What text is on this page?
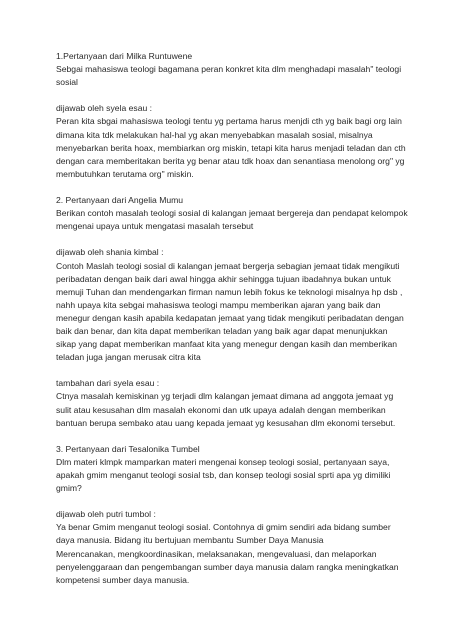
1.Pertanyaan dari Milka Runtuwene

Sebgai mahasiswa teologi bagamana peran konkret kita dlm menghadapi masalah" teologi

sosial

dijawab oleh syela esau :

Peran kita sbgai mahasiswa teologi tentu yg pertama harus menjdi cth yg baik bagi org lain

dimana kita tdk melakukan hal-hal yg akan menyebabkan masalah sosial, misalnya

menyebarkan berita hoax, membiarkan org miskin, tetapi kita harus menjadi teladan dan cth

dengan cara memberitakan berita yg benar atau tdk hoax dan senantiasa menolong org" yg

membutuhkan terutama org" miskin.

2. Pertanyaan dari Angelia Mumu

Berikan contoh masalah teologi sosial di kalangan jemaat bergereja dan pendapat kelompok

mengenai upaya untuk mengatasi masalah tersebut

dijawab oleh shania kimbal :

Contoh Maslah teologi sosial di kalangan jemaat bergerja sebagian jemaat tidak mengikuti

peribadatan dengan baik dari awal hingga akhir sehingga tujuan ibadahnya bukan untuk

memuji Tuhan dan mendengarkan firman namun lebih fokus ke teknologi misalnya hp dsb ,

nahh upaya kita sebgai mahasiswa teologi mampu memberikan ajaran yang baik dan

menegur dengan kasih apabila kedapatan jemaat yang tidak mengikuti peribadatan dengan

baik dan benar, dan kita dapat memberikan teladan yang baik agar dapat menunjukkan

sikap yang dapat memberikan manfaat kita yang menegur dengan kasih dan memberikan

teladan juga jangan merusak citra kita

tambahan dari syela esau :

Ctnya masalah kemiskinan yg terjadi dlm kalangan jemaat dimana ad anggota jemaat yg

sulit atau kesusahan dlm masalah ekonomi dan utk upaya adalah dengan memberikan

bantuan berupa sembako atau uang kepada jemaat yg kesusahan dlm ekonomi tersebut.

3. Pertanyaan dari Tesalonika Tumbel

Dlm materi klmpk mamparkan materi mengenai konsep teologi sosial, pertanyaan saya,

apakah gmim menganut teologi sosial tsb, dan konsep teologi sosial sprti apa yg dimiliki

gmim?

dijawab oleh putri tumbol :

Ya benar Gmim menganut teologi sosial. Contohnya di gmim sendiri ada bidang sumber

daya manusia. Bidang itu bertujuan membantu Sumber Daya Manusia

Merencanakan, mengkoordinasikan, melaksanakan, mengevaluasi, dan melaporkan

penyelenggaraan dan pengembangan sumber daya manusia dalam rangka meningkatkan

kompetensi sumber daya manusia.
